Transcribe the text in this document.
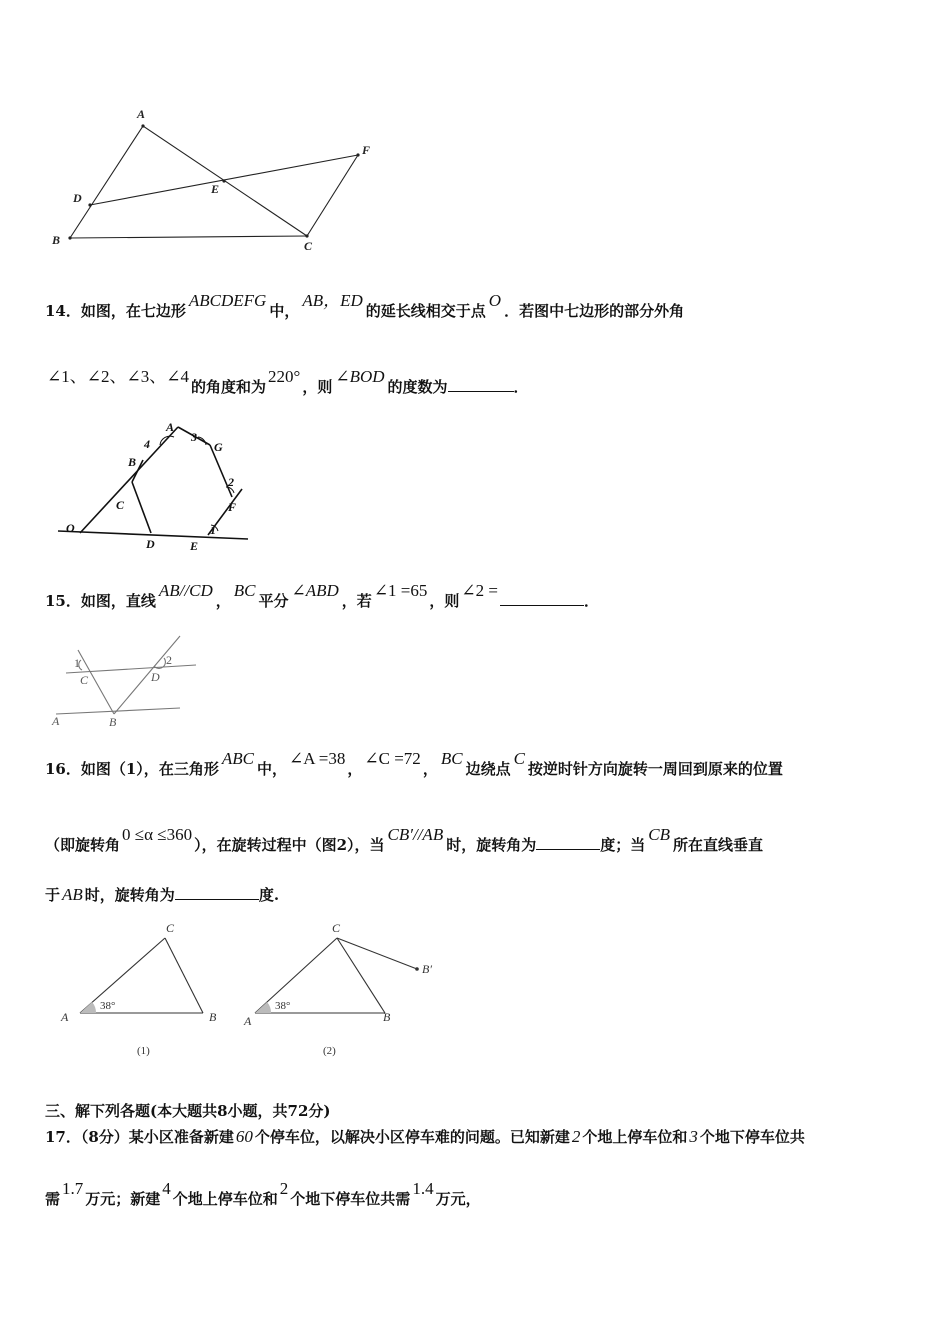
A
D
E
F
B	C
14．如图，在七边形ABCDEFG中，AB，ED的延长线相交于点O．若图中七边形的部分外角
∠1、∠2、∠3、∠4的角度和为220°，则∠BOD的度数为	．
A
G
B
C
O
D	E
F
1
2
3
4
15．如图，直线AB//CD，BC平分∠ABD，若∠1 =65，则∠2 =．
1	2
C	D
A	B
16．如图（1），在三角形ABC中，∠A =38，∠C =72，BC边绕点C按逆时针方向旋转一周回到原来的位置
（即旋转角0 ≤α ≤360），在旋转过程中（图2），当CB′//AB时，旋转角为	度；当CB所在直线垂直
于 AB 时，旋转角为	度.
C
A	B
C
A	B
B′
38°	38°
(1)	(2)
三、解下列各题(本大题共8小题，共72分)
17．（8分）某小区准备新建 60 个停车位，以解决小区停车难的问题。已知新建 2 个地上停车位和 3 个地下停车位共
需1.7万元；新建4个地上停车位和2个地下停车位共需1.4万元，
